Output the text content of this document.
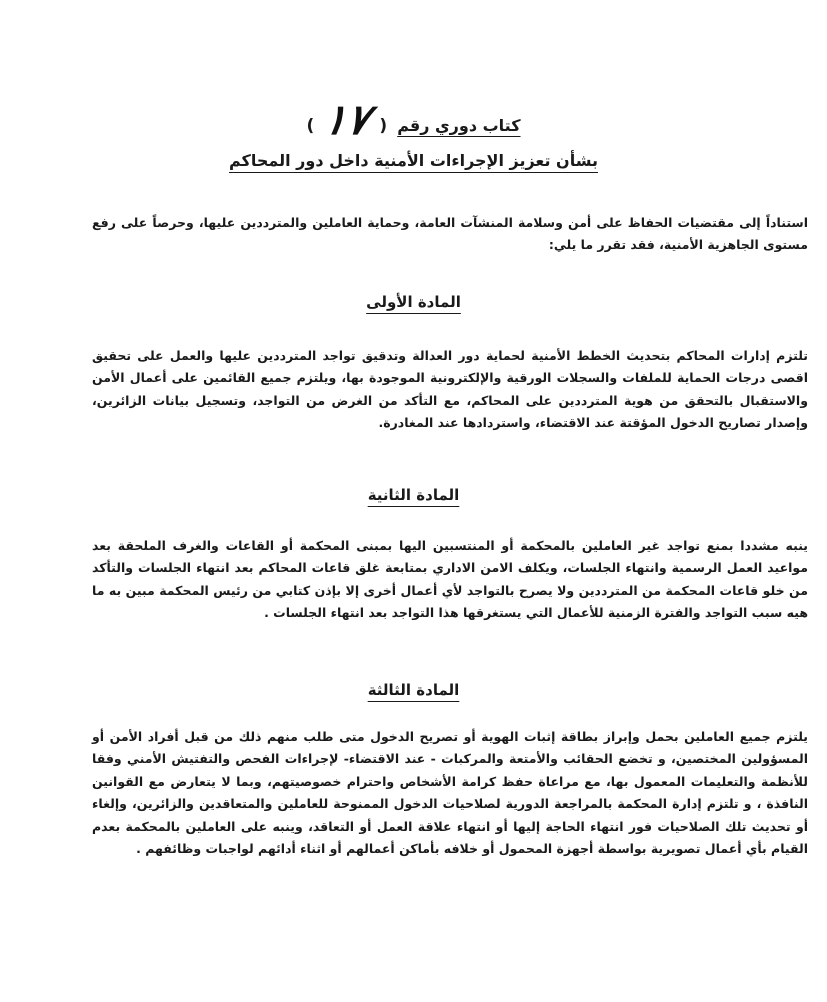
كتاب دوري رقم
(
١٧
)
بشأن تعزيز الإجراءات الأمنية داخل دور المحاكم

استناداً إلى مقتضيات الحفاظ على أمن وسلامة المنشآت العامة، وحماية العاملين والمترددين عليها، وحرصاً على رفع مستوى الجاهزية الأمنية، فقد تقرر ما يلي:

المادة الأولى

تلتزم إدارات المحاكم بتحديث الخطط الأمنية لحماية دور العدالة وتدقيق تواجد المترددين عليها والعمل على تحقيق اقصى درجات الحماية للملفات والسجلات الورقية والإلكترونية الموجودة بها، ويلتزم جميع القائمين على أعمال الأمن والاستقبال بالتحقق من هوية المترددين على المحاكم، مع التأكد من الغرض من التواجد، وتسجيل بيانات الزائرين، وإصدار تصاريح الدخول المؤقتة عند الاقتضاء، واستردادها عند المغادرة.

المادة الثانية

ينبه مشددا بمنع تواجد غير العاملين بالمحكمة أو المنتسبين اليها بمبنى المحكمة أو القاعات والغرف الملحقة بعد مواعيد العمل الرسمية وانتهاء الجلسات، ويكلف الامن الاداري بمتابعة غلق قاعات المحاكم بعد انتهاء الجلسات والتأكد من خلو قاعات المحكمة من المترددين ولا يصرح بالتواجد لأي أعمال أخرى إلا بإذن كتابي من رئيس المحكمة مبين به ما هيه سبب التواجد والفترة الزمنية للأعمال التي يستغرقها هذا التواجد بعد انتهاء الجلسات .

المادة الثالثة

يلتزم جميع العاملين بحمل وإبراز بطاقة إثبات الهوية أو تصريح الدخول متى طلب منهم ذلك من قبل أفراد الأمن أو المسؤولين المختصين، و تخضع الحقائب والأمتعة والمركبات - عند الاقتضاء- لإجراءات الفحص والتفتيش الأمني وفقا للأنظمة والتعليمات المعمول بها، مع مراعاة حفظ كرامة الأشخاص واحترام خصوصيتهم، وبما لا يتعارض مع القوانين النافذة ، و تلتزم إدارة المحكمة بالمراجعة الدورية لصلاحيات الدخول الممنوحة للعاملين والمتعاقدين والزائرين، وإلغاء أو تحديث تلك الصلاحيات فور انتهاء الحاجة إليها أو انتهاء علاقة العمل أو التعاقد، وينبه على العاملين بالمحكمة بعدم القيام بأي أعمال تصويرية بواسطة أجهزة المحمول أو خلافه بأماكن أعمالهم أو اثناء أدائهم لواجبات وظائفهم .
